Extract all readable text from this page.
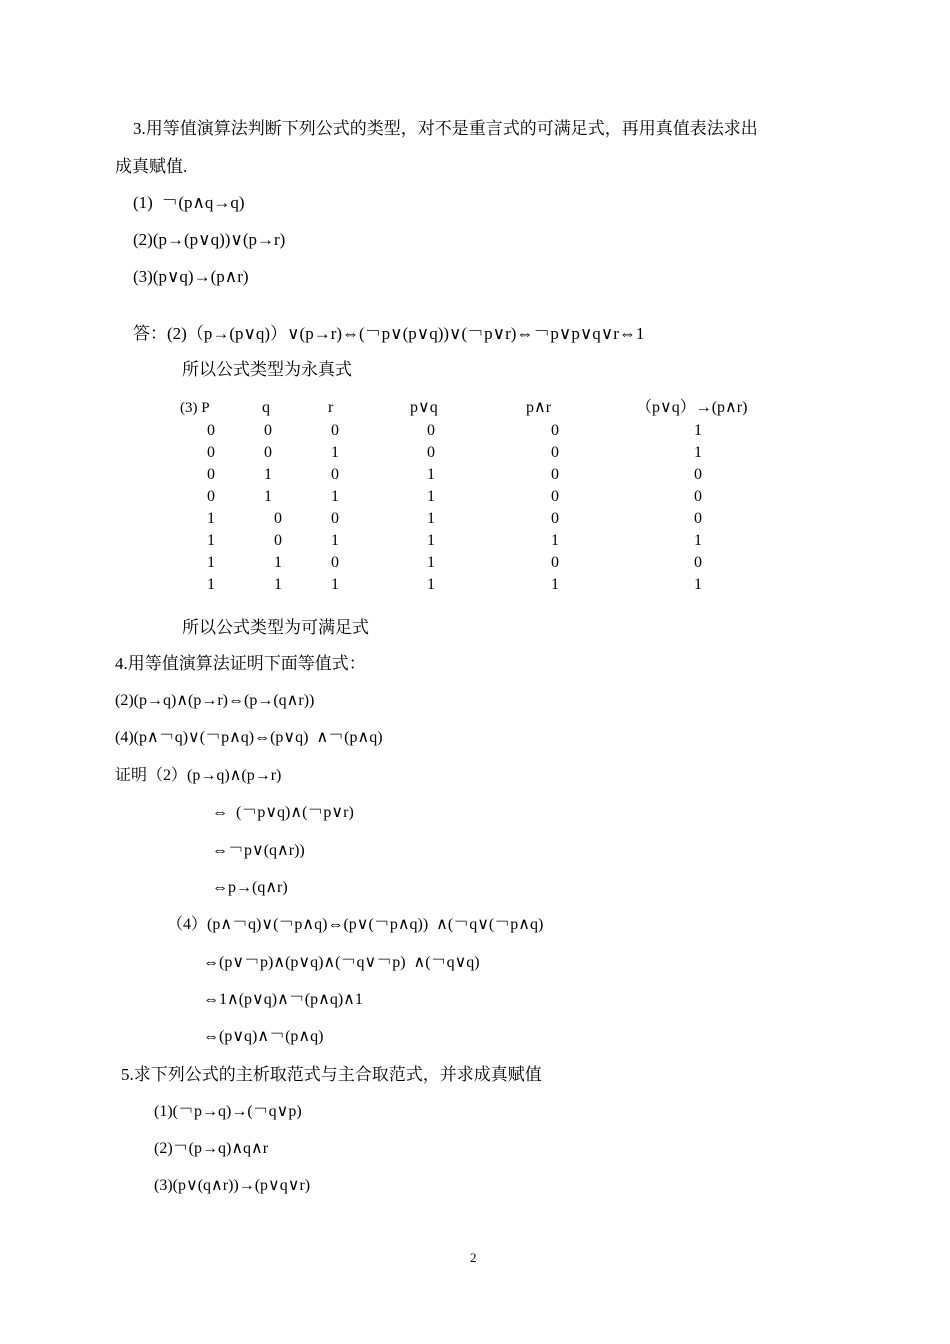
3.用等值演算法判断下列公式的类型，对不是重言式的可满足式，再用真值表法求出
成真赋值.
(1)  ￢(p∧q→q)
(2)(p→(p∨q))∨(p→r)
(3)(p∨q)→(p∧r)
答：(2)（p→(p∨q)）∨(p→r)⇔(￢p∨(p∨q))∨(￢p∨r)⇔￢p∨p∨q∨r⇔1
所以公式类型为永真式
(3) P	q	r	p∨q	p∧r	（p∨q）→(p∧r)
0	0	0	0	0	1
0	0	1	0	0	1
0	1	0	1	0	0
0	1	1	1	0	0
1	0	0	1	0	0
1	0	1	1	1	1
1	1	0	1	0	0
1	1	1	1	1	1
所以公式类型为可满足式
4.用等值演算法证明下面等值式：
(2)(p→q)∧(p→r)⇔(p→(q∧r))
(4)(p∧￢q)∨(￢p∧q)⇔(p∨q)  ∧￢(p∧q)
证明（2）(p→q)∧(p→r)
⇔  (￢p∨q)∧(￢p∨r)
⇔￢p∨(q∧r))
⇔p→(q∧r)
（4）(p∧￢q)∨(￢p∧q)⇔(p∨(￢p∧q))  ∧(￢q∨(￢p∧q)
⇔(p∨￢p)∧(p∨q)∧(￢q∨￢p)  ∧(￢q∨q)
⇔1∧(p∨q)∧￢(p∧q)∧1
⇔(p∨q)∧￢(p∧q)
5.求下列公式的主析取范式与主合取范式，并求成真赋值
(1)(￢p→q)→(￢q∨p)
(2)￢(p→q)∧q∧r
(3)(p∨(q∧r))→(p∨q∨r)
2
